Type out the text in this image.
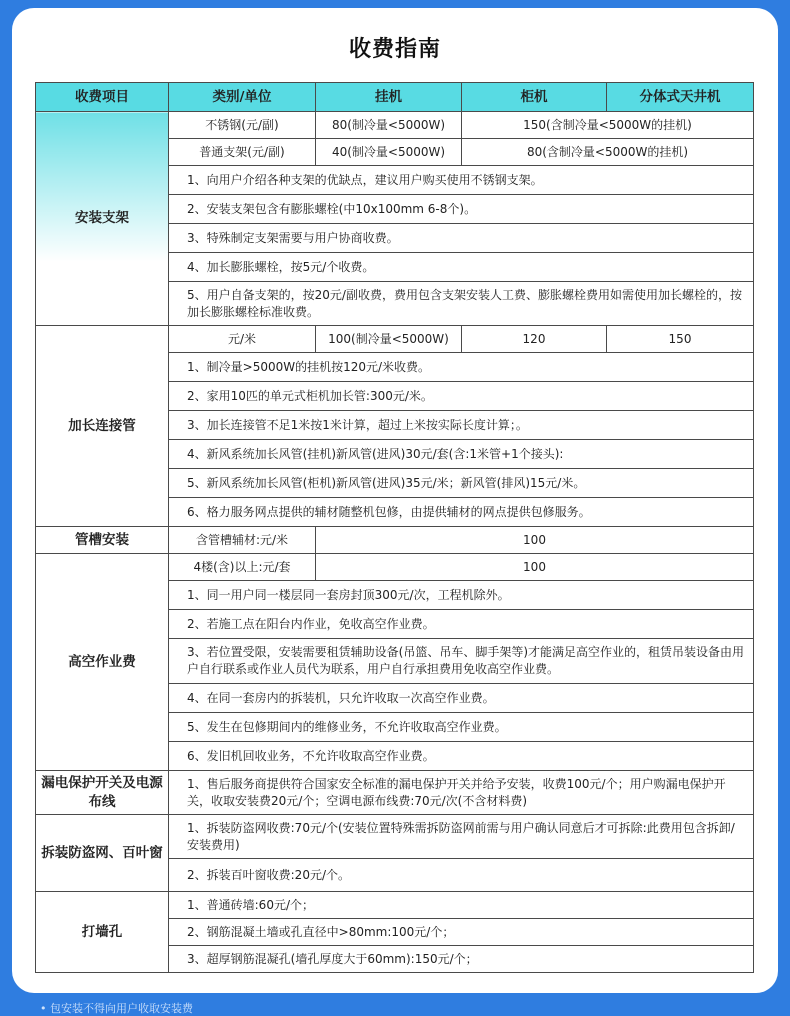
收费指南
收费项目	类别/单位	挂机	柜机	分体式天井机
安装支架	不锈钢(元/副)	80(制冷量<5000W)	150(含制冷量<5000W的挂机)	
	普通支架(元/副)	40(制冷量<5000W)	80(含制冷量<5000W的挂机)	
	1、向用户介绍各种支架的优缺点，建议用户购买使用不锈钢支架。			
	2、安装支架包含有膨胀螺栓(中10x100mm 6-8个)。			
	3、特殊制定支架需要与用户协商收费。			
	4、加长膨胀螺栓，按5元/个收费。			
	5、用户自备支架的，按20元/副收费，费用包含支架安装人工费、膨胀螺栓费用如需使用加长螺栓的，按加长膨胀螺栓标准收费。			
加长连接管	元/米	100(制冷量<5000W)	120	150
	1、制冷量>5000W的挂机按120元/米收费。			
	2、家用10匹的单元式柜机加长管:300元/米。			
	3、加长连接管不足1米按1米计算，超过上米按实际长度计算；。			
	4、新风系统加长风管(挂机)新风管(进风)30元/套(含:1米管+1个接头):			
	5、新风系统加长风管(柜机)新风管(进风)35元/米；新风管(排风)15元/米。			
	6、格力服务网点提供的辅材随整机包修，由提供辅材的网点提供包修服务。			
管槽安装	含管槽辅材:元/米	100		
高空作业费	4楼(含)以上:元/套	100		
	1、同一用户同一楼层同一套房封顶300元/次，工程机除外。			
	2、若施工点在阳台内作业，免收高空作业费。			
	3、若位置受限，安装需要租赁辅助设备(吊篮、吊车、脚手架等)才能满足高空作业的，租赁吊装设备由用户自行联系或作业人员代为联系，用户自行承担费用免收高空作业费。			
	4、在同一套房内的拆装机，只允许收取一次高空作业费。			
	5、发生在包修期间内的维修业务，不允许收取高空作业费。			
	6、发旧机回收业务，不允许收取高空作业费。			
漏电保护开关及电源布线	1、售后服务商提供符合国家安全标准的漏电保护开关并给予安装，收费100元/个；用户购漏电保护开关，收取安装费20元/个；空调电源布线费:70元/次(不含材料费)			
拆装防盗网、百叶窗	1、拆装防盗网收费:70元/个(安装位置特殊需拆防盗网前需与用户确认同意后才可拆除:此费用包含拆卸/安装费用)			
	2、拆装百叶窗收费:20元/个。			
打墙孔	1、普通砖墙:60元/个；			
	2、钢筋混凝土墙或孔直径中>80mm:100元/个；			
	3、超厚钢筋混凝孔(墙孔厚度大于60mm):150元/个；			
• 包安装不得向用户收取安装费
